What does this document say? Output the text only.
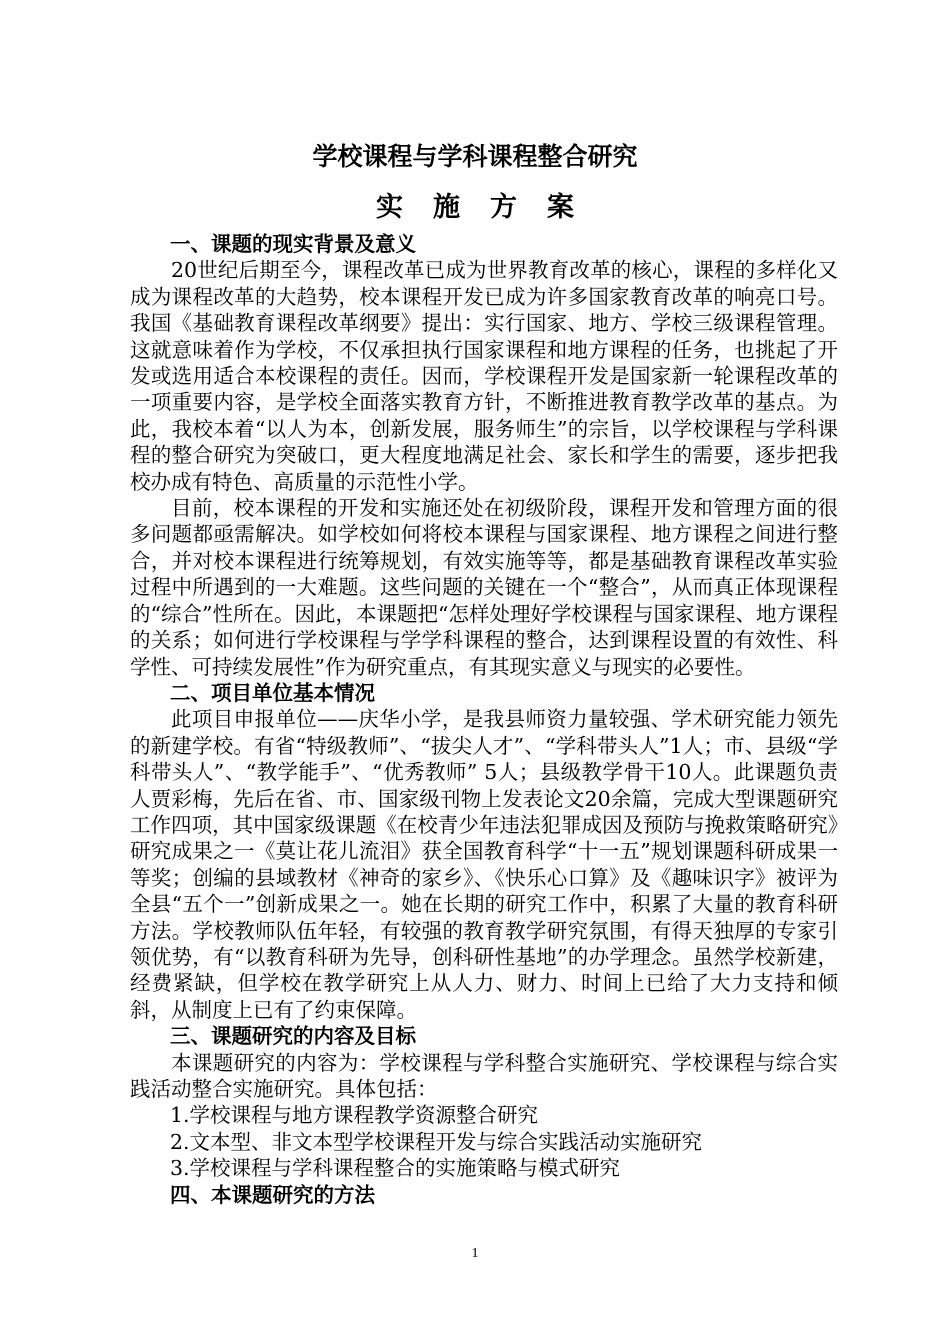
学校课程与学科课程整合研究
实施方案
一、课题的现实背景及意义

20世纪后期至今，课程改革已成为世界教育改革的核心，课程的多样化又成为课程改革的大趋势，校本课程开发已成为许多国家教育改革的响亮口号。我国《基础教育课程改革纲要》提出：实行国家、地方、学校三级课程管理。这就意味着作为学校，不仅承担执行国家课程和地方课程的任务，也挑起了开发或选用适合本校课程的责任。因而，学校课程开发是国家新一轮课程改革的一项重要内容，是学校全面落实教育方针，不断推进教育教学改革的基点。为此，我校本着“以人为本，创新发展，服务师生”的宗旨，以学校课程与学科课程的整合研究为突破口，更大程度地满足社会、家长和学生的需要，逐步把我校办成有特色、高质量的示范性小学。

目前，校本课程的开发和实施还处在初级阶段，课程开发和管理方面的很多问题都亟需解决。如学校如何将校本课程与国家课程、地方课程之间进行整合，并对校本课程进行统筹规划，有效实施等等，都是基础教育课程改革实验过程中所遇到的一大难题。这些问题的关键在一个“整合”，从而真正体现课程的“综合”性所在。因此，本课题把“怎样处理好学校课程与国家课程、地方课程的关系；如何进行学校课程与学学科课程的整合，达到课程设置的有效性、科学性、可持续发展性”作为研究重点，有其现实意义与现实的必要性。

二、项目单位基本情况

此项目申报单位——庆华小学，是我县师资力量较强、学术研究能力领先的新建学校。有省“特级教师”、“拔尖人才”、“学科带头人”1人；市、县级“学科带头人”、“教学能手”、“优秀教师” 5人；县级教学骨干10人。此课题负责人贾彩梅，先后在省、市、国家级刊物上发表论文20余篇，完成大型课题研究工作四项，其中国家级课题《在校青少年违法犯罪成因及预防与挽救策略研究》研究成果之一《莫让花儿流泪》获全国教育科学“十一五”规划课题科研成果一等奖；创编的县域教材《神奇的家乡》、《快乐心口算》及《趣味识字》被评为全县“五个一”创新成果之一。她在长期的研究工作中，积累了大量的教育科研方法。学校教师队伍年轻，有较强的教育教学研究氛围，有得天独厚的专家引领优势，有“以教育科研为先导，创科研性基地”的办学理念。虽然学校新建，经费紧缺，但学校在教学研究上从人力、财力、时间上已给了大力支持和倾斜，从制度上已有了约束保障。

三、课题研究的内容及目标

本课题研究的内容为：学校课程与学科整合实施研究、学校课程与综合实践活动整合实施研究。具体包括：

1.学校课程与地方课程教学资源整合研究
2.文本型、非文本型学校课程开发与综合实践活动实施研究
3.学校课程与学科课程整合的实施策略与模式研究
四、本课题研究的方法
1
